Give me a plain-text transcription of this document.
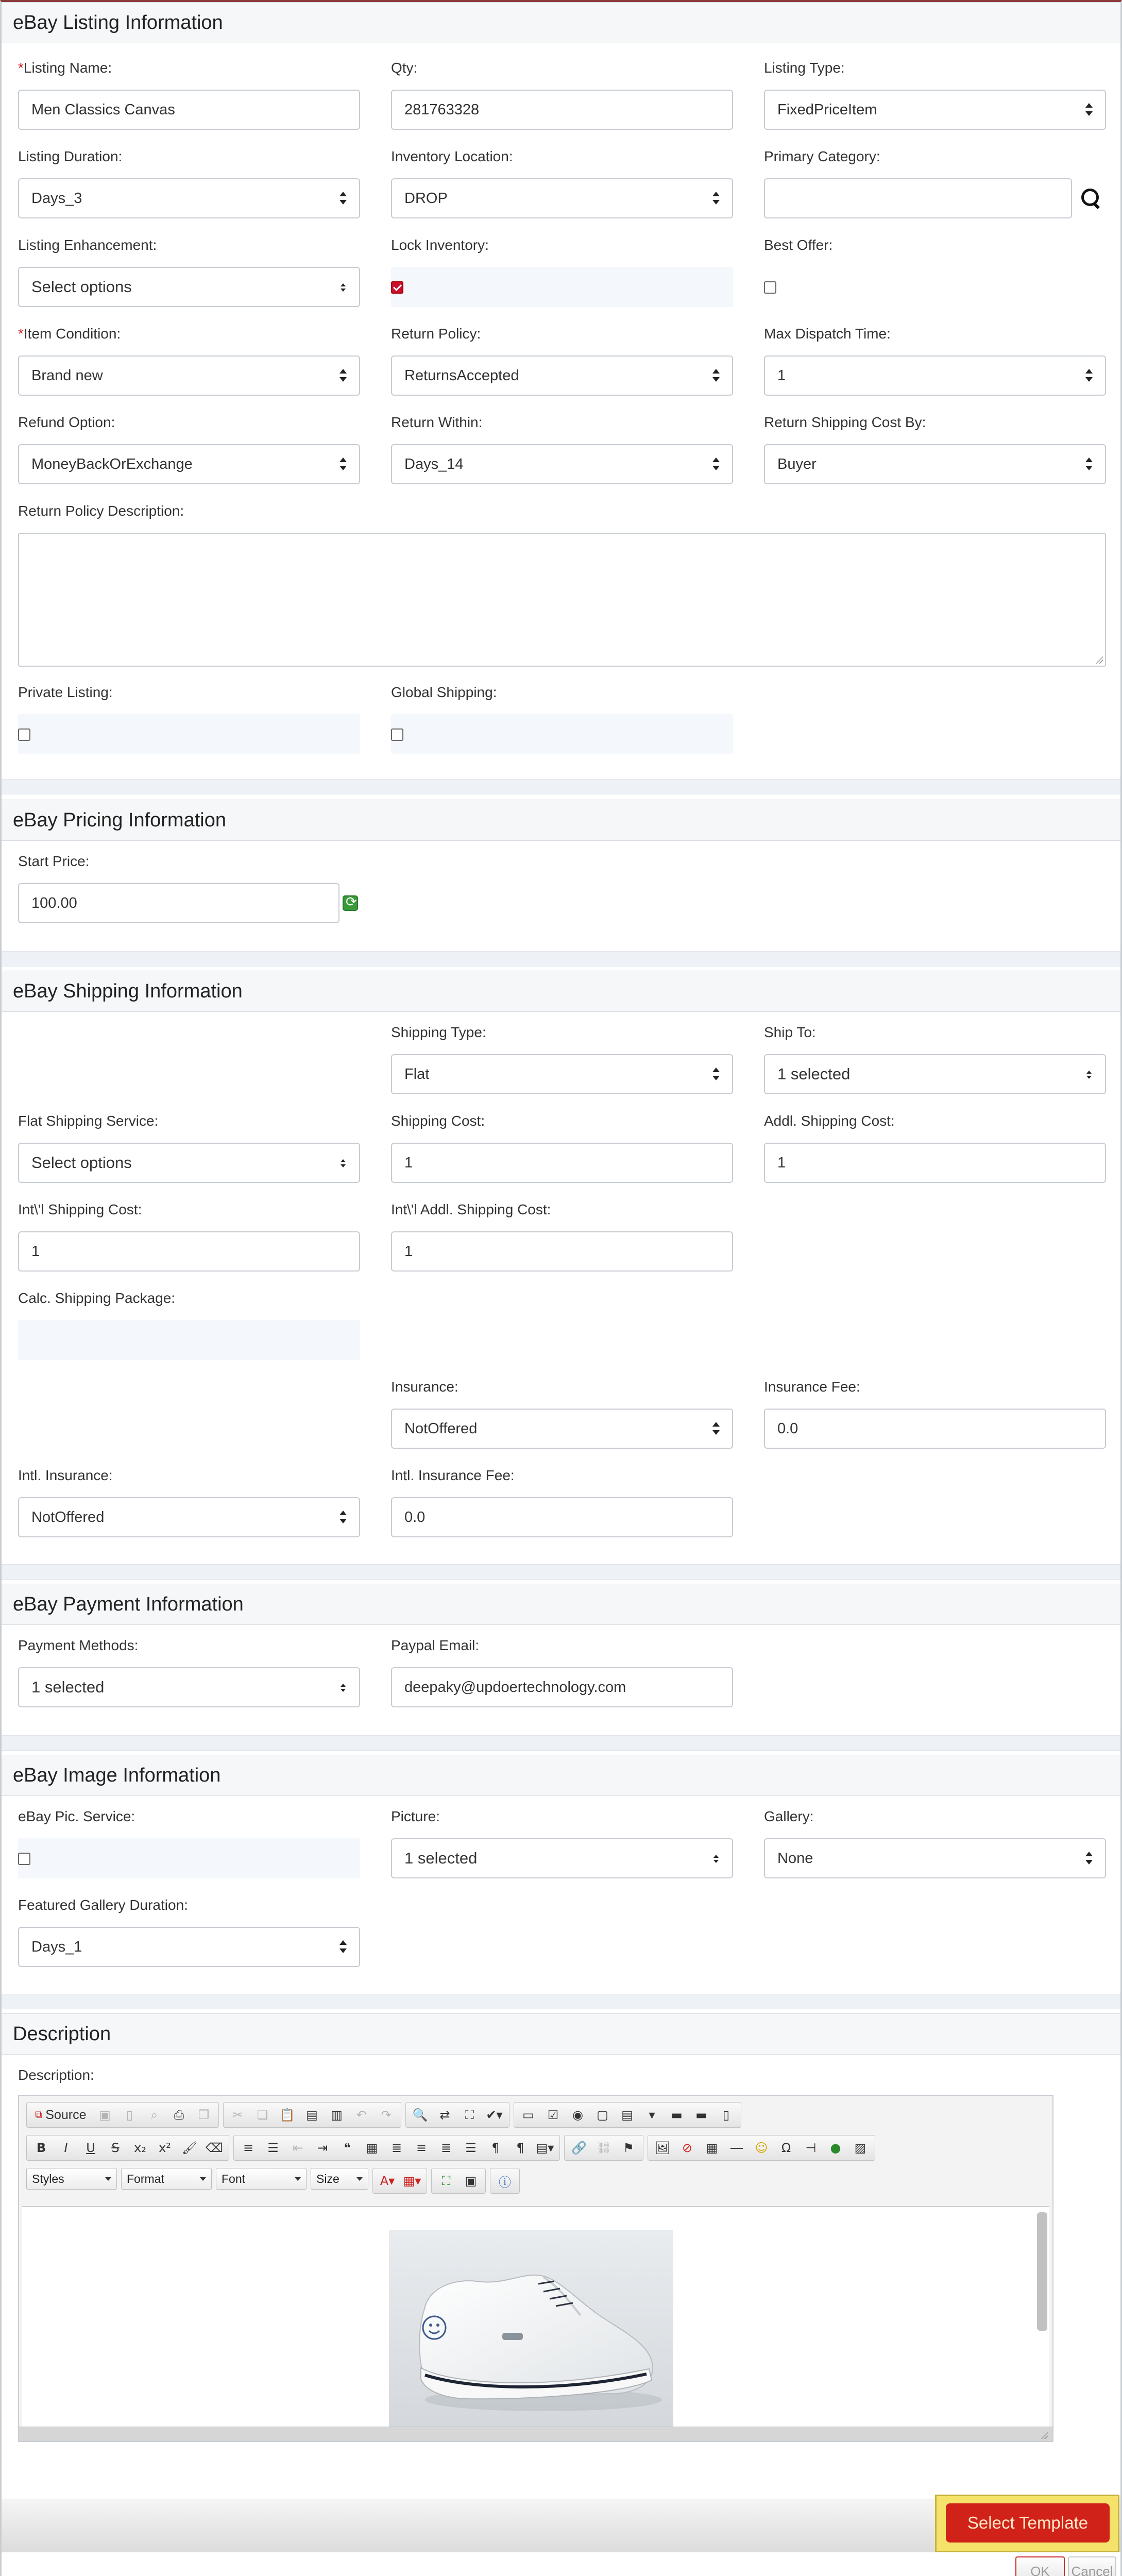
eBay Listing Information
*Listing Name:
Men Classics Canvas
Qty:
281763328
Listing Type:
FixedPriceItem
Listing Duration:
Days_3
Inventory Location:
DROP
Primary Category:
Listing Enhancement:
Select options
Lock Inventory:	Best Offer:
*Item Condition:
Brand new
Return Policy:
ReturnsAccepted
Max Dispatch Time:
1
Refund Option:
MoneyBackOrExchange
Return Within:
Days_14
Return Shipping Cost By:
Buyer
Return Policy Description:
Private Listing:	Global Shipping:
eBay Pricing Information
Start Price:
100.00
⟳
eBay Shipping Information
Shipping Type:
Flat
Ship To:
1 selected
Flat Shipping Service:
Select options
Shipping Cost:
1
Addl. Shipping Cost:
1
Int\'l Shipping Cost:
1
Int\'l Addl. Shipping Cost:
1
Calc. Shipping Package:
Insurance:
NotOffered
Insurance Fee:
0.0
Intl. Insurance:
NotOffered
Intl. Insurance Fee:
0.0
eBay Payment Information
Payment Methods:
1 selected
Paypal Email:
deepaky@updoertechnology.com
eBay Image Information
eBay Pic. Service:	Picture:
1 selected
Gallery:
None
Featured Gallery Duration:
Days_1
Description
Description:
⧉ Source	▣	▯	⌕	⎙	❐	✂	❏ 📋 ▤	▥	↶	↷	🔍 ⇄	⛶ ✔▾	▭	☑	◉	▢	▤	▾	▬	▬	▯
B	I	U	S	x₂	x² 🖌 ⌫	≡	☰	⇤	⇥	❝	▦	≣	≡	≣	☰	¶	¶ ▤▾ 🔗 ⛓ ⚑	🖼 ⊘	▦	― ☺	Ω	⊣	●	▨
Styles	Format	Font	Size	A▾ ▦▾	⛶	▣	ⓘ
Select Template
OK	Cancel
